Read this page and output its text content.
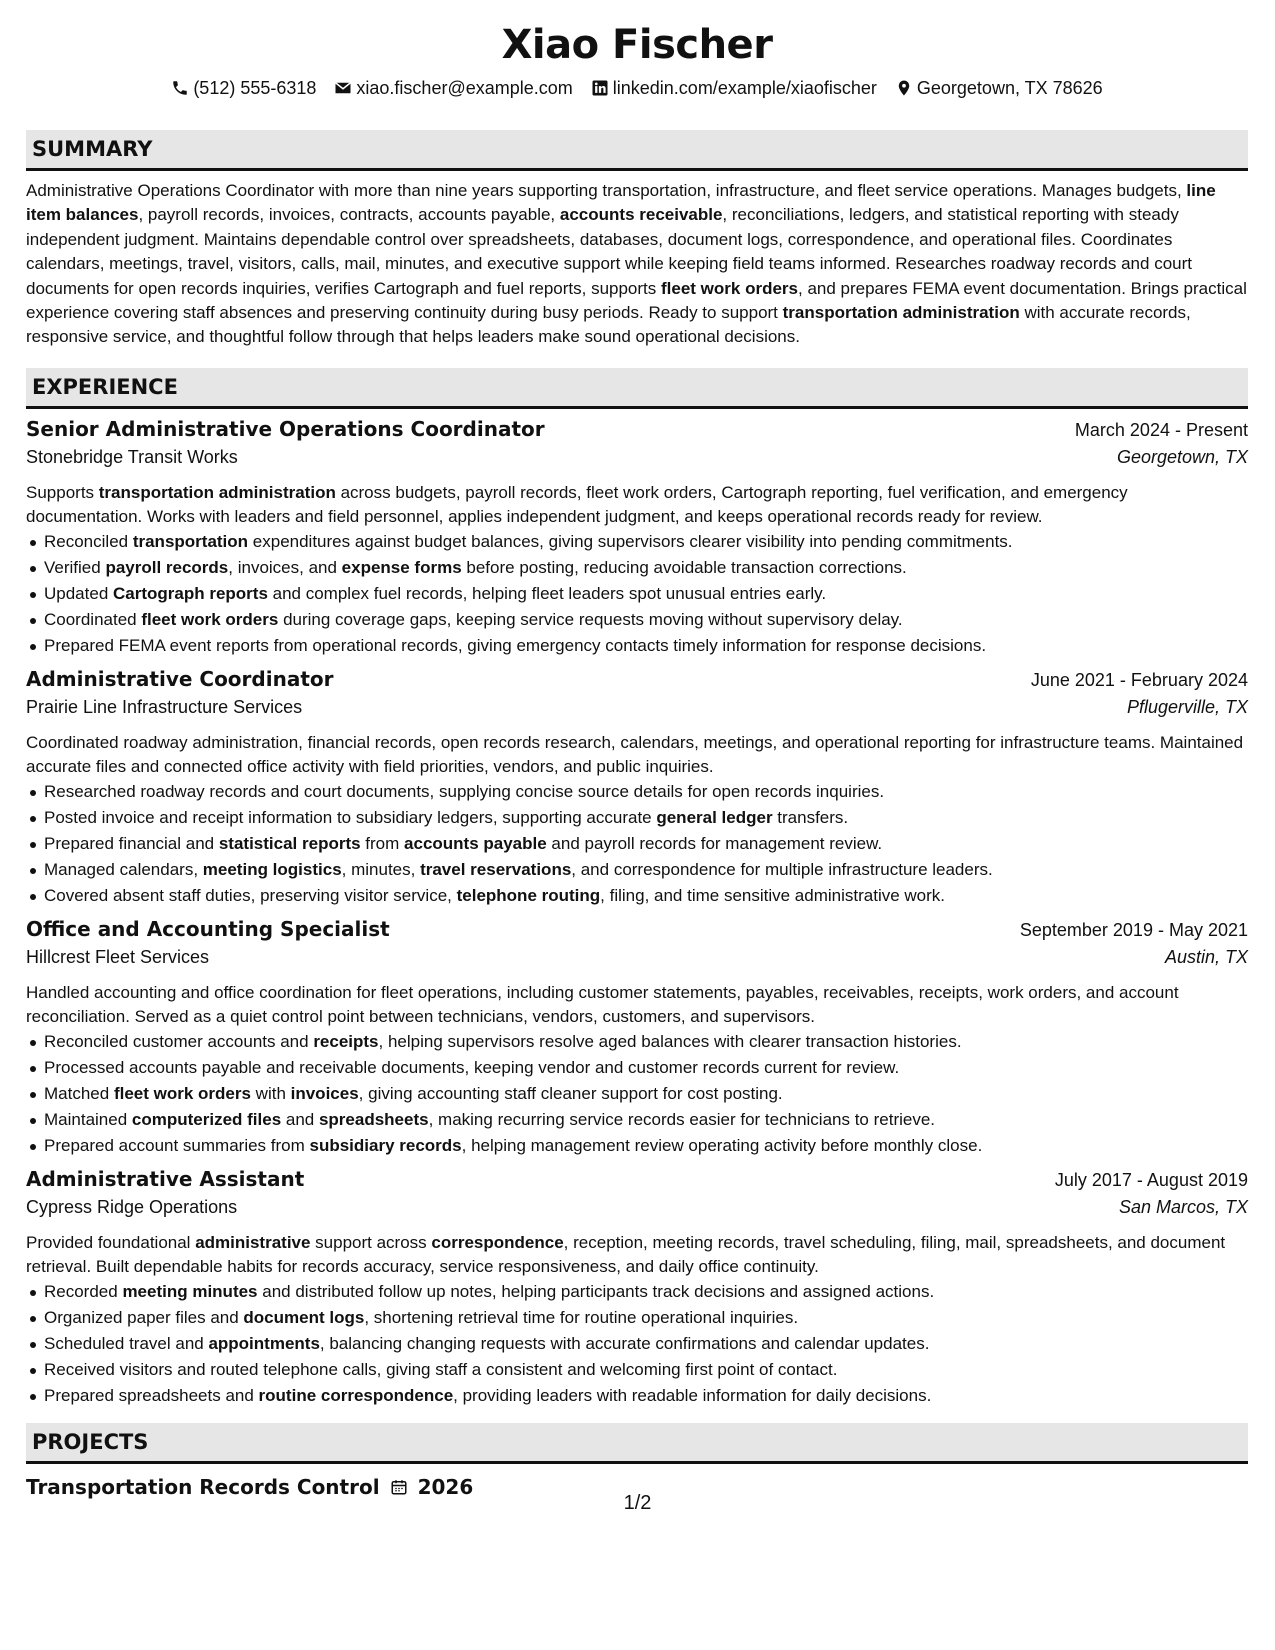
Xiao Fischer
(512) 555-6318 xiao.fischer@example.com linkedin.com/example/xiaofischer Georgetown, TX 78626
SUMMARY

Administrative Operations Coordinator with more than nine years supporting transportation, infrastructure, and fleet service operations. Manages budgets, line item balances, payroll records, invoices, contracts, accounts payable, accounts receivable, reconciliations, ledgers, and statistical reporting with steady independent judgment. Maintains dependable control over spreadsheets, databases, document logs, correspondence, and operational files. Coordinates calendars, meetings, travel, visitors, calls, mail, minutes, and executive support while keeping field teams informed. Researches roadway records and court documents for open records inquiries, verifies Cartograph and fuel reports, supports fleet work orders, and prepares FEMA event documentation. Brings practical experience covering staff absences and preserving continuity during busy periods. Ready to support transportation administration with accurate records, responsive service, and thoughtful follow through that helps leaders make sound operational decisions.

EXPERIENCE
Senior Administrative Operations Coordinator	March 2024 - Present
Stonebridge Transit Works	Georgetown, TX
Supports transportation administration across budgets, payroll records, fleet work orders, Cartograph reporting, fuel verification, and emergency documentation. Works with leaders and field personnel, applies independent judgment, and keeps operational records ready for review.
Reconciled transportation expenditures against budget balances, giving supervisors clearer visibility into pending commitments.
Verified payroll records, invoices, and expense forms before posting, reducing avoidable transaction corrections.
Updated Cartograph reports and complex fuel records, helping fleet leaders spot unusual entries early.
Coordinated fleet work orders during coverage gaps, keeping service requests moving without supervisory delay.
Prepared FEMA event reports from operational records, giving emergency contacts timely information for response decisions.
Administrative Coordinator	June 2021 - February 2024
Prairie Line Infrastructure Services	Pflugerville, TX
Coordinated roadway administration, financial records, open records research, calendars, meetings, and operational reporting for infrastructure teams. Maintained accurate files and connected office activity with field priorities, vendors, and public inquiries.
Researched roadway records and court documents, supplying concise source details for open records inquiries.
Posted invoice and receipt information to subsidiary ledgers, supporting accurate general ledger transfers.
Prepared financial and statistical reports from accounts payable and payroll records for management review.
Managed calendars, meeting logistics, minutes, travel reservations, and correspondence for multiple infrastructure leaders.
Covered absent staff duties, preserving visitor service, telephone routing, filing, and time sensitive administrative work.
Office and Accounting Specialist	September 2019 - May 2021
Hillcrest Fleet Services	Austin, TX
Handled accounting and office coordination for fleet operations, including customer statements, payables, receivables, receipts, work orders, and account reconciliation. Served as a quiet control point between technicians, vendors, customers, and supervisors.
Reconciled customer accounts and receipts, helping supervisors resolve aged balances with clearer transaction histories.
Processed accounts payable and receivable documents, keeping vendor and customer records current for review.
Matched fleet work orders with invoices, giving accounting staff cleaner support for cost posting.
Maintained computerized files and spreadsheets, making recurring service records easier for technicians to retrieve.
Prepared account summaries from subsidiary records, helping management review operating activity before monthly close.
Administrative Assistant	July 2017 - August 2019
Cypress Ridge Operations	San Marcos, TX
Provided foundational administrative support across correspondence, reception, meeting records, travel scheduling, filing, mail, spreadsheets, and document retrieval. Built dependable habits for records accuracy, service responsiveness, and daily office continuity.
Recorded meeting minutes and distributed follow up notes, helping participants track decisions and assigned actions.
Organized paper files and document logs, shortening retrieval time for routine operational inquiries.
Scheduled travel and appointments, balancing changing requests with accurate confirmations and calendar updates.
Received visitors and routed telephone calls, giving staff a consistent and welcoming first point of contact.
Prepared spreadsheets and routine correspondence, providing leaders with readable information for daily decisions.
PROJECTS
Transportation Records Control 2026
1/2
